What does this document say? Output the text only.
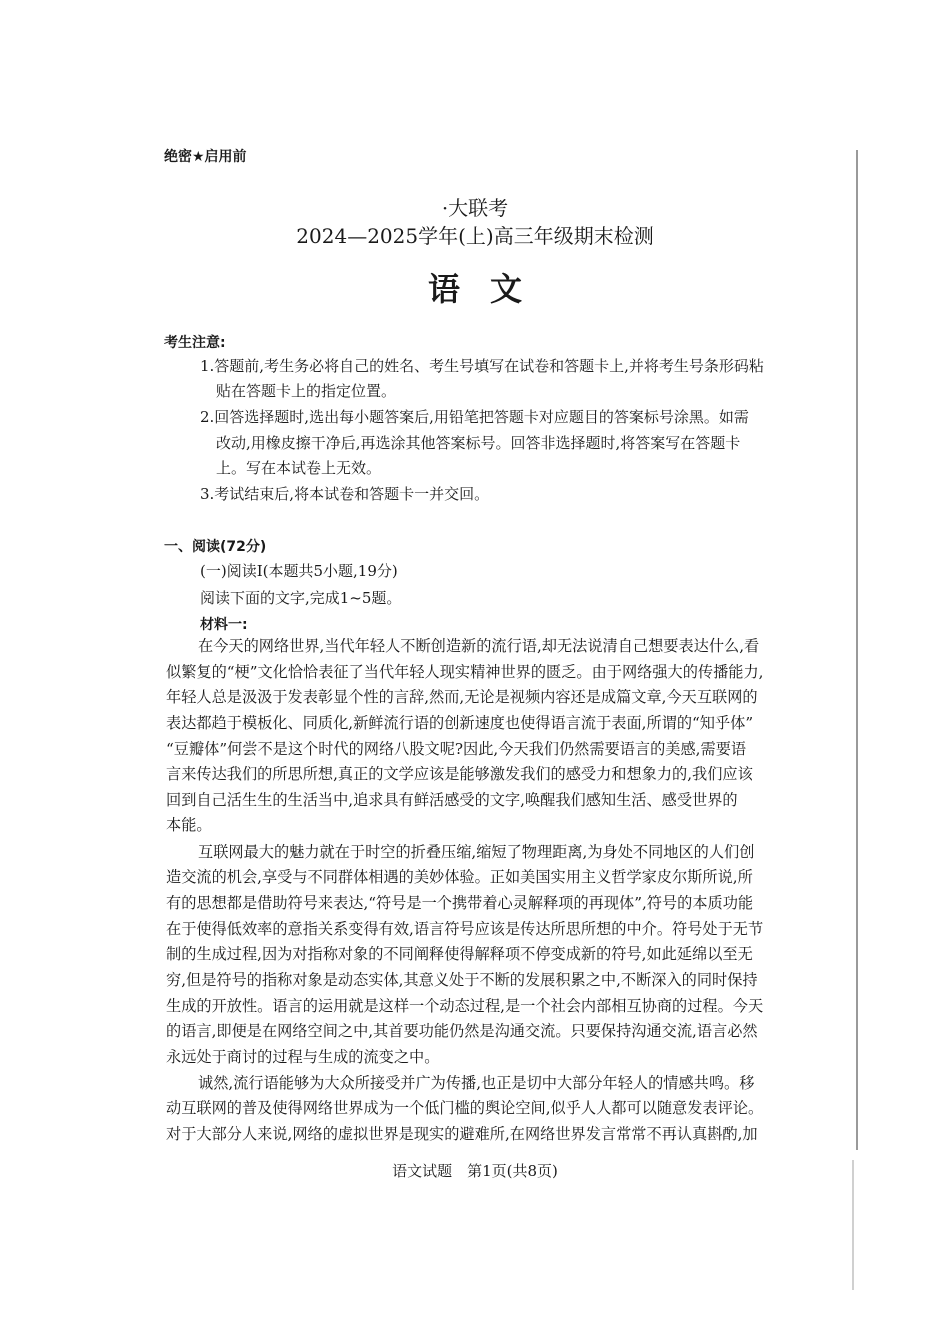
绝密★启用前
·大联考
2024—2025学年(上)高三年级期末检测
语文
考生注意:
1.答题前,考生务必将自己的姓名、考生号填写在试卷和答题卡上,并将考生号条形码粘
贴在答题卡上的指定位置。
2.回答选择题时,选出每小题答案后,用铅笔把答题卡对应题目的答案标号涂黑。如需
改动,用橡皮擦干净后,再选涂其他答案标号。回答非选择题时,将答案写在答题卡
上。写在本试卷上无效。
3.考试结束后,将本试卷和答题卡一并交回。
一、阅读(72分)
(一)阅读Ⅰ(本题共5小题,19分)
阅读下面的文字,完成1~5题。
材料一:
在今天的网络世界,当代年轻人不断创造新的流行语,却无法说清自己想要表达什么,看
似繁复的“梗”文化恰恰表征了当代年轻人现实精神世界的匮乏。由于网络强大的传播能力,
年轻人总是汲汲于发表彰显个性的言辞,然而,无论是视频内容还是成篇文章,今天互联网的
表达都趋于模板化、同质化,新鲜流行语的创新速度也使得语言流于表面,所谓的“知乎体”
“豆瓣体”何尝不是这个时代的网络八股文呢?因此,今天我们仍然需要语言的美感,需要语
言来传达我们的所思所想,真正的文学应该是能够激发我们的感受力和想象力的,我们应该
回到自己活生生的生活当中,追求具有鲜活感受的文字,唤醒我们感知生活、感受世界的
本能。
互联网最大的魅力就在于时空的折叠压缩,缩短了物理距离,为身处不同地区的人们创
造交流的机会,享受与不同群体相遇的美妙体验。正如美国实用主义哲学家皮尔斯所说,所
有的思想都是借助符号来表达,“符号是一个携带着心灵解释项的再现体”,符号的本质功能
在于使得低效率的意指关系变得有效,语言符号应该是传达所思所想的中介。符号处于无节
制的生成过程,因为对指称对象的不同阐释使得解释项不停变成新的符号,如此延绵以至无
穷,但是符号的指称对象是动态实体,其意义处于不断的发展积累之中,不断深入的同时保持
生成的开放性。语言的运用就是这样一个动态过程,是一个社会内部相互协商的过程。今天
的语言,即便是在网络空间之中,其首要功能仍然是沟通交流。只要保持沟通交流,语言必然
永远处于商讨的过程与生成的流变之中。
诚然,流行语能够为大众所接受并广为传播,也正是切中大部分年轻人的情感共鸣。移
动互联网的普及使得网络世界成为一个低门槛的舆论空间,似乎人人都可以随意发表评论。
对于大部分人来说,网络的虚拟世界是现实的避难所,在网络世界发言常常不再认真斟酌,加
语文试题　第1页(共8页)
